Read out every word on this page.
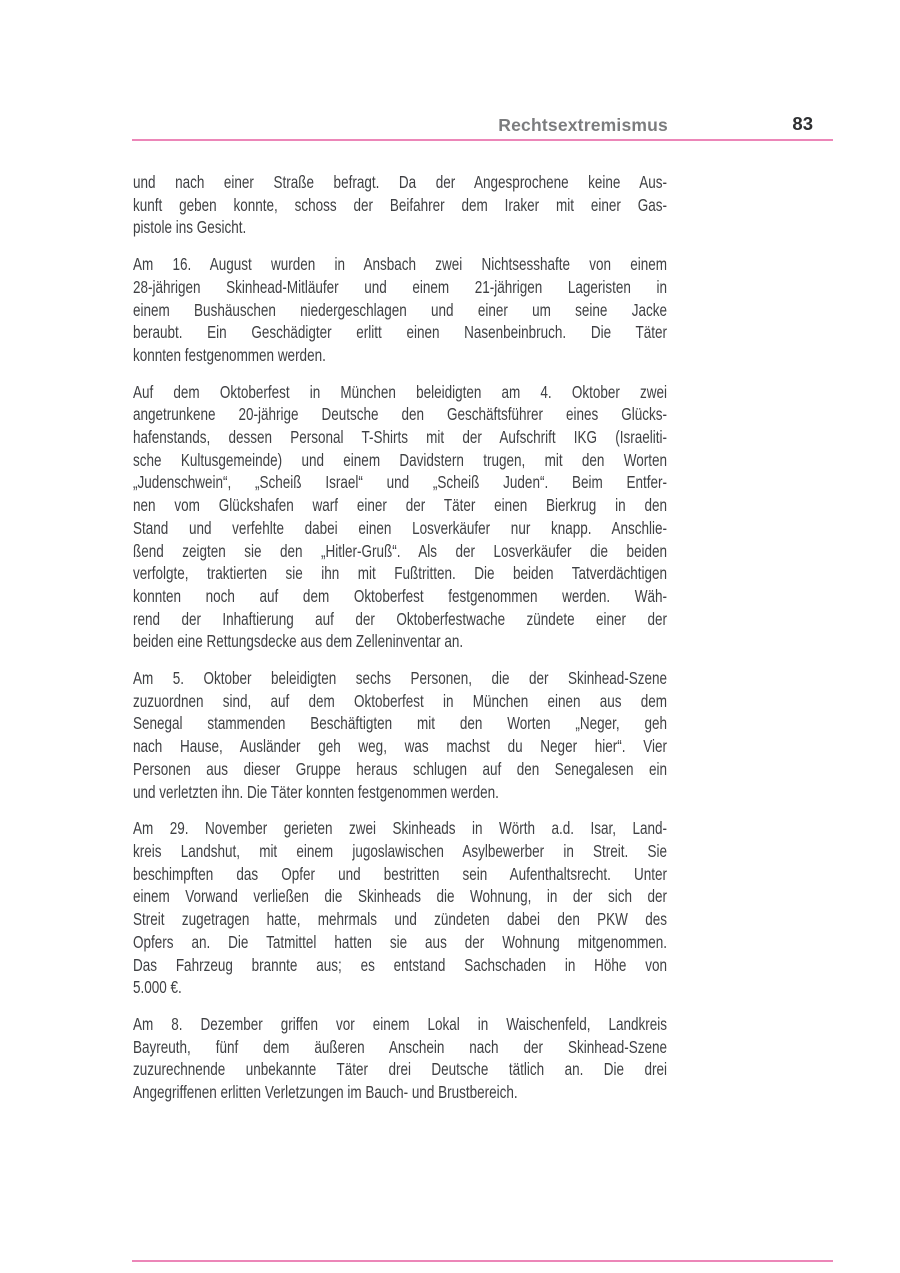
Rechtsextremismus	83

und nach einer Straße befragt. Da der Angesprochene keine Aus-
kunft geben konnte, schoss der Beifahrer dem Iraker mit einer Gas-
pistole ins Gesicht.

Am 16. August wurden in Ansbach zwei Nichtsesshafte von einem
28-jährigen Skinhead-Mitläufer und einem 21-jährigen Lageristen in
einem Bushäuschen niedergeschlagen und einer um seine Jacke
beraubt. Ein Geschädigter erlitt einen Nasenbeinbruch. Die Täter
konnten festgenommen werden.

Auf dem Oktoberfest in München beleidigten am 4. Oktober zwei
angetrunkene 20-jährige Deutsche den Geschäftsführer eines Glücks-
hafenstands, dessen Personal T-Shirts mit der Aufschrift IKG (Israeliti-
sche Kultusgemeinde) und einem Davidstern trugen, mit den Worten
„Judenschwein“, „Scheiß Israel“ und „Scheiß Juden“. Beim Entfer-
nen vom Glückshafen warf einer der Täter einen Bierkrug in den
Stand und verfehlte dabei einen Losverkäufer nur knapp. Anschlie-
ßend zeigten sie den „Hitler-Gruß“. Als der Losverkäufer die beiden
verfolgte, traktierten sie ihn mit Fußtritten. Die beiden Tatverdächtigen
konnten noch auf dem Oktoberfest festgenommen werden. Wäh-
rend der Inhaftierung auf der Oktoberfestwache zündete einer der
beiden eine Rettungsdecke aus dem Zelleninventar an.

Am 5. Oktober beleidigten sechs Personen, die der Skinhead-Szene
zuzuordnen sind, auf dem Oktoberfest in München einen aus dem
Senegal stammenden Beschäftigten mit den Worten „Neger, geh
nach Hause, Ausländer geh weg, was machst du Neger hier“. Vier
Personen aus dieser Gruppe heraus schlugen auf den Senegalesen ein
und verletzten ihn. Die Täter konnten festgenommen werden.

Am 29. November gerieten zwei Skinheads in Wörth a.d. Isar, Land-
kreis Landshut, mit einem jugoslawischen Asylbewerber in Streit. Sie
beschimpften das Opfer und bestritten sein Aufenthaltsrecht. Unter
einem Vorwand verließen die Skinheads die Wohnung, in der sich der
Streit zugetragen hatte, mehrmals und zündeten dabei den PKW des
Opfers an. Die Tatmittel hatten sie aus der Wohnung mitgenommen.
Das Fahrzeug brannte aus; es entstand Sachschaden in Höhe von
5.000 €.

Am 8. Dezember griffen vor einem Lokal in Waischenfeld, Landkreis
Bayreuth, fünf dem äußeren Anschein nach der Skinhead-Szene
zuzurechnende unbekannte Täter drei Deutsche tätlich an. Die drei
Angegriffenen erlitten Verletzungen im Bauch- und Brustbereich.
